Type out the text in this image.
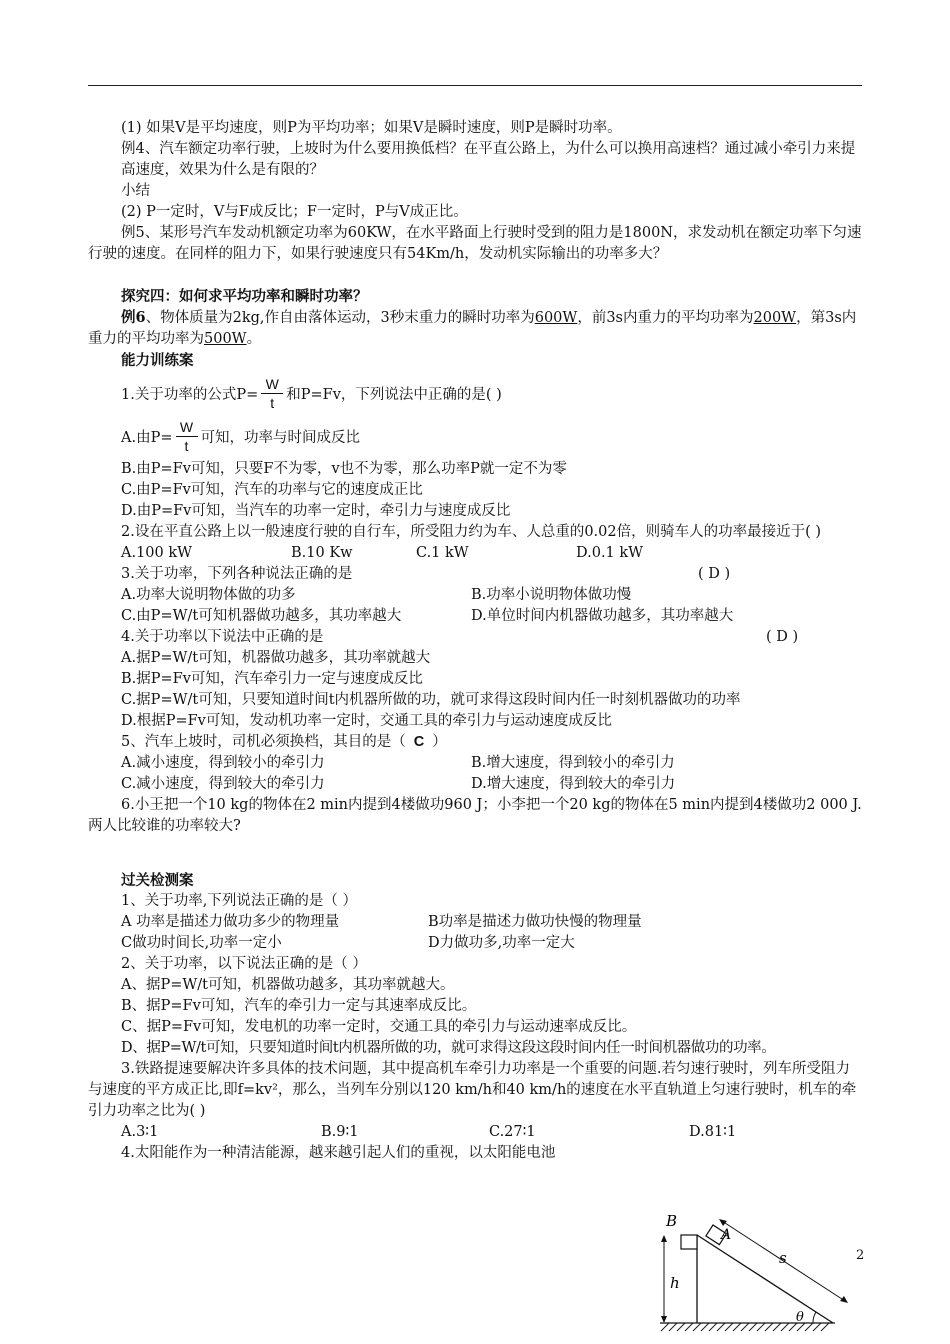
(1) 如果V是平均速度，则P为平均功率；如果V是瞬时速度，则P是瞬时功率。
例4、汽车额定功率行驶，上坡时为什么要用换低档？在平直公路上，为什么可以换用高速档？通过减小牵引力来提高速度，效果为什么是有限的？
小结
(2) P一定时，V与F成反比；F一定时，P与V成正比。
例5、某形号汽车发动机额定功率为60KW，在水平路面上行驶时受到的阻力是1800N，求发动机在额定功率下匀速行驶的速度。在同样的阻力下，如果行驶速度只有54Km/h，发动机实际输出的功率多大？
探究四：如何求平均功率和瞬时功率？
例6、物体质量为2kg,作自由落体运动，3秒末重力的瞬时功率为600W，前3s内重力的平均功率为200W，第3s内重力的平均功率为500W。
能力训练案
1.关于功率的公式$P= \frac{W}{t}$ 和P=Fv，下列说法中正确的是( )
A.由$P= \frac{W}{t}$ 可知，功率与时间成反比
B.由P=Fv可知，只要F不为零，v也不为零，那么功率P就一定不为零
C.由P=Fv可知，汽车的功率与它的速度成正比
D.由P=Fv可知，当汽车的功率一定时，牵引力与速度成反比
2.设在平直公路上以一般速度行驶的自行车，所受阻力约为车、人总重的0.02倍，则骑车人的功率最接近于( )
A.100 kW	B.10 Kw	C.1 kW	D.0.1 kW
3.关于功率，下列各种说法正确的是	( D )
A.功率大说明物体做的功多	B.功率小说明物体做功慢
C.由P=W/t可知机器做功越多，其功率越大	D.单位时间内机器做功越多，其功率越大
4.关于功率以下说法中正确的是	( D )
A.据P=W/t可知，机器做功越多，其功率就越大
B.据P=Fv可知，汽车牵引力一定与速度成反比
C.据P=W/t可知，只要知道时间t内机器所做的功，就可求得这段时间内任一时刻机器做功的功率
D.根据P=Fv可知，发动机功率一定时，交通工具的牵引力与运动速度成反比
5、汽车上坡时，司机必须换档，其目的是（ C ）
A.减小速度，得到较小的牵引力	B.增大速度，得到较小的牵引力
C.减小速度，得到较大的牵引力	D.增大速度，得到较大的牵引力
6.小王把一个10 kg的物体在2 min内提到4楼做功960 J；小李把一个20 kg的物体在5 min内提到4楼做功2 000 J.两人比较谁的功率较大?
过关检测案
1、关于功率,下列说法正确的是（ ）
A 功率是描述力做功多少的物理量	B功率是描述力做功快慢的物理量
C做功时间长,功率一定小	D力做功多,功率一定大
2、关于功率，以下说法正确的是（ ）
A、据P=W/t可知，机器做功越多，其功率就越大。
B、据P=Fv可知，汽车的牵引力一定与其速率成反比。
C、据P=Fv可知，发电机的功率一定时，交通工具的牵引力与运动速率成反比。
D、据P=W/t可知，只要知道时间t内机器所做的功，就可求得这段这段时间内任一时间机器做功的功率。
3.铁路提速要解决许多具体的技术问题，其中提高机车牵引力功率是一个重要的问题.若匀速行驶时，列车所受阻力与速度的平方成正比,即f=kv²，那么，当列车分别以120 km/h和40 km/h的速度在水平直轨道上匀速行驶时，机车的牵引力功率之比为( )
A.3∶1	B.9∶1	C.27∶1	D.81∶1
4.太阳能作为一种清洁能源，越来越引起人们的重视，以太阳能电池
2
B
A
s
h
θ
